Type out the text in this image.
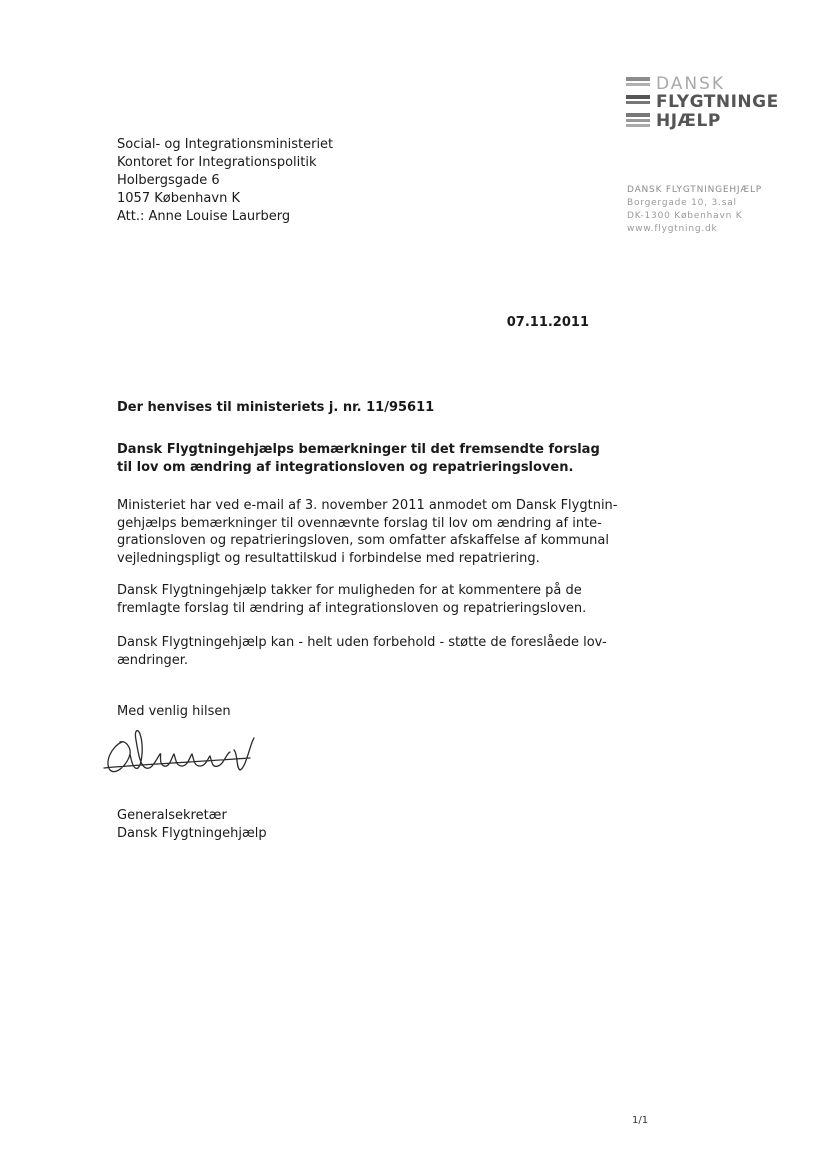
DANSK
FLYGTNINGE
HJÆLP
DANSK FLYGTNINGEHJÆLP
Borgergade 10, 3.sal
DK-1300 København K
www.flygtning.dk
Social- og Integrationsministeriet
Kontoret for Integrationspolitik
Holbergsgade 6
1057 København K
Att.: Anne Louise Laurberg
07.11.2011
Der henvises til ministeriets j. nr. 11/95611
Dansk Flygtningehjælps bemærkninger til det fremsendte forslag
til lov om ændring af integrationsloven og repatrieringsloven.
Ministeriet har ved e-mail af 3. november 2011 anmodet om Dansk Flygtnin-
gehjælps bemærkninger til ovennævnte forslag til lov om ændring af inte-
grationsloven og repatrieringsloven, som omfatter afskaffelse af kommunal
vejledningspligt og resultattilskud i forbindelse med repatriering.
Dansk Flygtningehjælp takker for muligheden for at kommentere på de
fremlagte forslag til ændring af integrationsloven og repatrieringsloven.
Dansk Flygtningehjælp kan - helt uden forbehold - støtte de foreslåede lov-
ændringer.
Med venlig hilsen
Generalsekretær
Dansk Flygtningehjælp
1/1
